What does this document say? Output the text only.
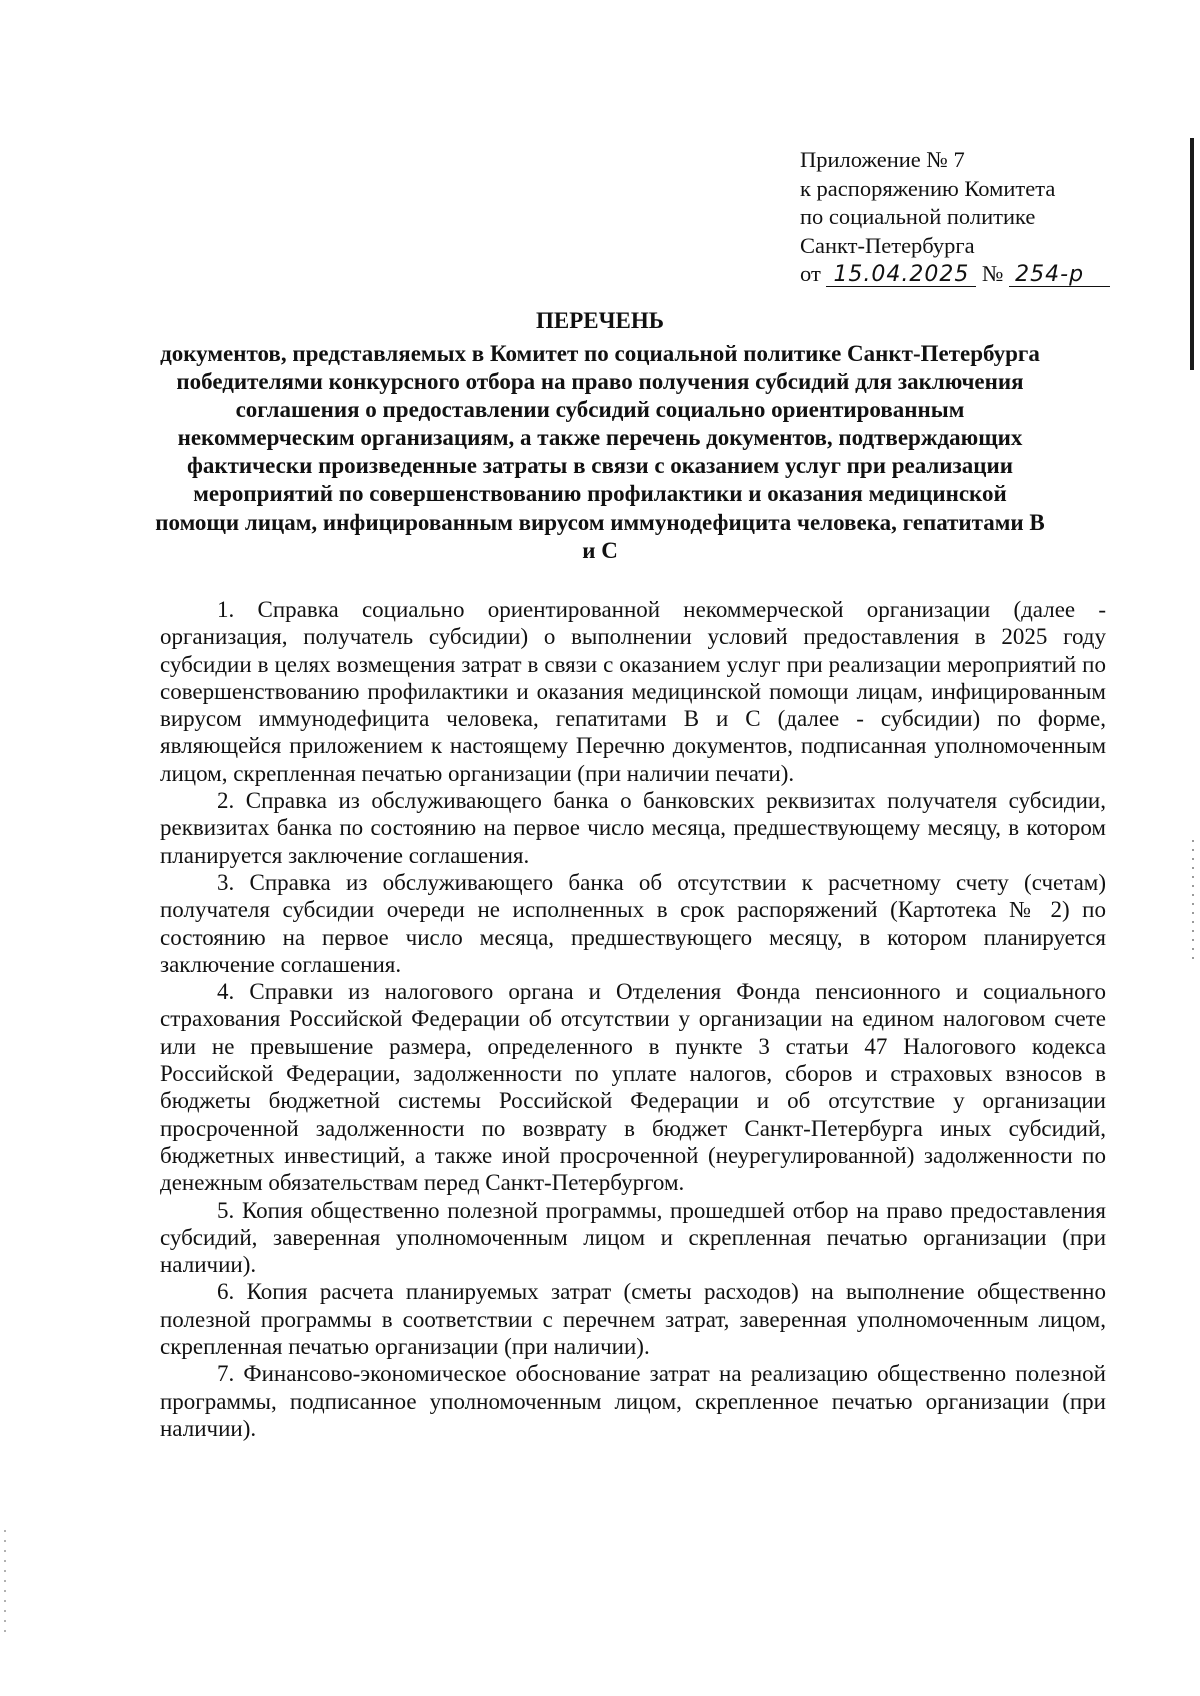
Приложение № 7
к распоряжению Комитета
по социальной политике
Санкт-Петербурга
от 15.04.2025 № 254-р
ПЕРЕЧЕНЬ
документов, представляемых в Комитет по социальной политике Санкт-Петербурга победителями конкурсного отбора на право получения субсидий для заключения соглашения о предоставлении субсидий социально ориентированным некоммерческим организациям, а также перечень документов, подтверждающих фактически произведенные затраты в связи с оказанием услуг при реализации мероприятий по совершенствованию профилактики и оказания медицинской помощи лицам, инфицированным вирусом иммунодефицита человека, гепатитами В и С

1. Справка социально ориентированной некоммерческой организации (далее - организация, получатель субсидии) о выполнении условий предоставления в 2025 году субсидии в целях возмещения затрат в связи с оказанием услуг при реализации мероприятий по совершенствованию профилактики и оказания медицинской помощи лицам, инфицированным вирусом иммунодефицита человека, гепатитами В и С (далее - субсидии) по форме, являющейся приложением к настоящему Перечню документов, подписанная уполномоченным лицом, скрепленная печатью организации (при наличии печати).

2. Справка из обслуживающего банка о банковских реквизитах получателя субсидии, реквизитах банка по состоянию на первое число месяца, предшествующему месяцу, в котором планируется заключение соглашения.

3. Справка из обслуживающего банка об отсутствии к расчетному счету (счетам) получателя субсидии очереди не исполненных в срок распоряжений (Картотека № 2) по состоянию на первое число месяца, предшествующего месяцу, в котором планируется заключение соглашения.

4. Справки из налогового органа и Отделения Фонда пенсионного и социального страхования Российской Федерации об отсутствии у организации на едином налоговом счете или не превышение размера, определенного в пункте 3 статьи 47 Налогового кодекса Российской Федерации, задолженности по уплате налогов, сборов и страховых взносов в бюджеты бюджетной системы Российской Федерации и об отсутствие у организации просроченной задолженности по возврату в бюджет Санкт-Петербурга иных субсидий, бюджетных инвестиций, а также иной просроченной (неурегулированной) задолженности по денежным обязательствам перед Санкт-Петербургом.

5. Копия общественно полезной программы, прошедшей отбор на право предоставления субсидий, заверенная уполномоченным лицом и скрепленная печатью организации (при наличии).

6. Копия расчета планируемых затрат (сметы расходов) на выполнение общественно полезной программы в соответствии с перечнем затрат, заверенная уполномоченным лицом, скрепленная печатью организации (при наличии).

7. Финансово-экономическое обоснование затрат на реализацию общественно полезной программы, подписанное уполномоченным лицом, скрепленное печатью организации (при наличии).
